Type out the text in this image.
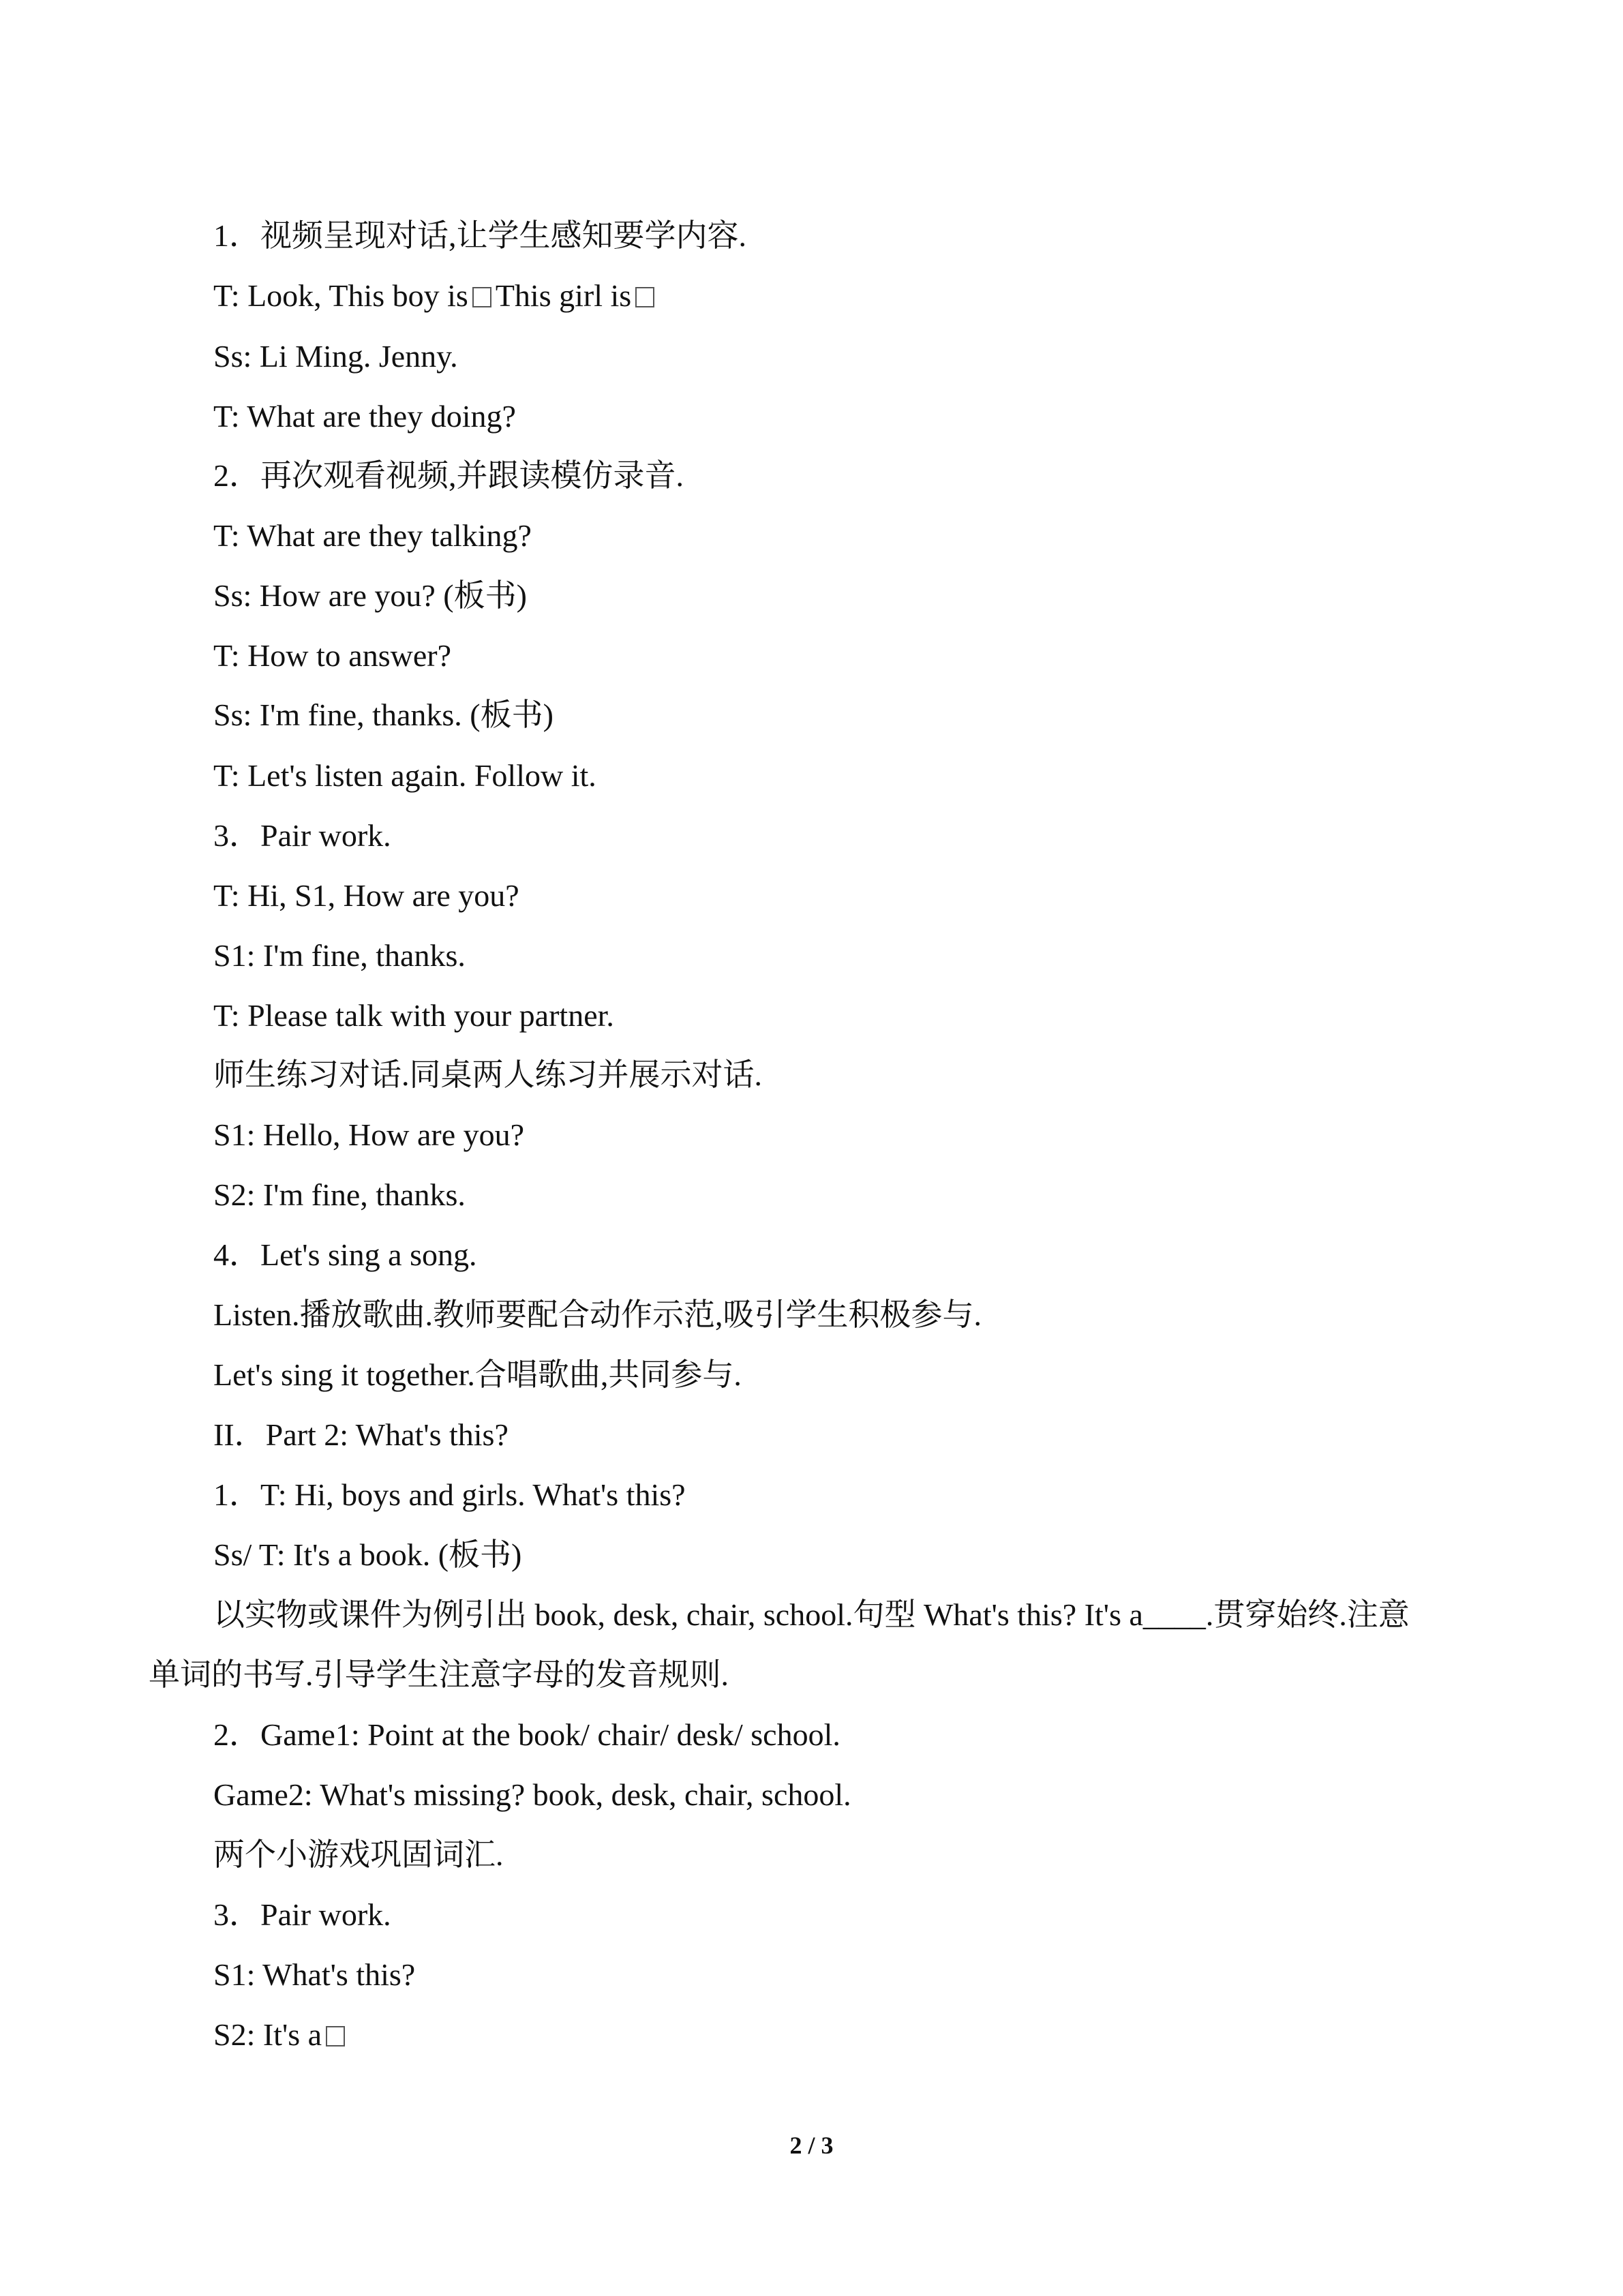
1．视频呈现对话,让学生感知要学内容.
T: Look, This boy is This girl is
Ss: Li Ming. Jenny.
T: What are they doing?
2．再次观看视频,并跟读模仿录音.
T: What are they talking?
Ss: How are you? (板书)
T: How to answer?
Ss: I'm fine, thanks. (板书)
T: Let's listen again. Follow it.
3．Pair work.
T: Hi, S1, How are you?
S1: I'm fine, thanks.
T: Please talk with your partner.
师生练习对话.同桌两人练习并展示对话.
S1: Hello, How are you?
S2: I'm fine, thanks.
4．Let's sing a song.
Listen.播放歌曲.教师要配合动作示范,吸引学生积极参与.
Let's sing it together.合唱歌曲,共同参与.
II．Part 2: What's this?
1．T: Hi, boys and girls. What's this?
Ss/ T: It's a book. (板书)
以实物或课件为例引出 book, desk, chair, school.句型 What's this? It's a____.贯穿始终.注意
单词的书写.引导学生注意字母的发音规则.
2．Game1: Point at the book/ chair/ desk/ school.
Game2: What's missing? book, desk, chair, school.
两个小游戏巩固词汇.
3．Pair work.
S1: What's this?
S2: It's a
2 / 3
